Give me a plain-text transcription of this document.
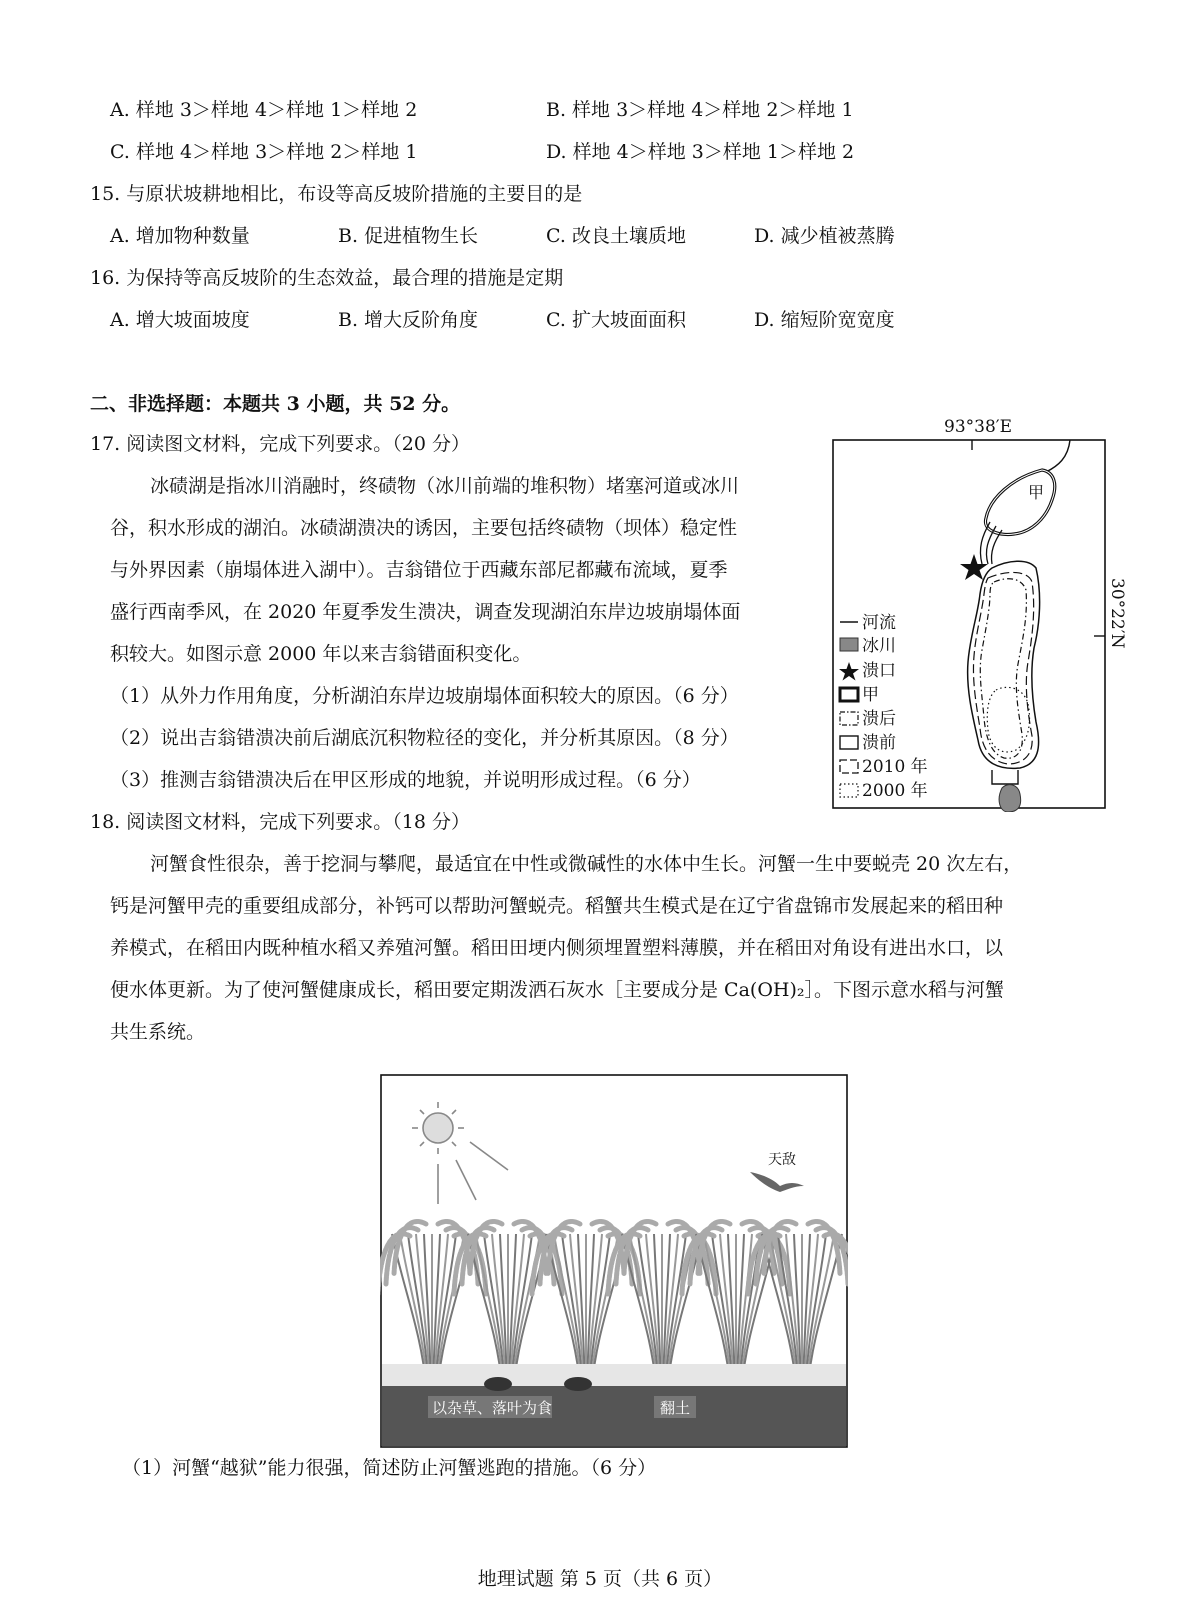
A. 样地 3＞样地 4＞样地 1＞样地 2	B. 样地 3＞样地 4＞样地 2＞样地 1
C. 样地 4＞样地 3＞样地 2＞样地 1	D. 样地 4＞样地 3＞样地 1＞样地 2
15. 与原状坡耕地相比，布设等高反坡阶措施的主要目的是
A. 增加物种数量	B. 促进植物生长	C. 改良土壤质地	D. 减少植被蒸腾
16. 为保持等高反坡阶的生态效益，最合理的措施是定期
A. 增大坡面坡度	B. 增大反阶角度	C. 扩大坡面面积	D. 缩短阶宽宽度
二、非选择题：本题共 3 小题，共 52 分。
17. 阅读图文材料，完成下列要求。（20 分）
冰碛湖是指冰川消融时，终碛物（冰川前端的堆积物）堵塞河道或冰川
谷，积水形成的湖泊。冰碛湖溃决的诱因，主要包括终碛物（坝体）稳定性
与外界因素（崩塌体进入湖中）。吉翁错位于西藏东部尼都藏布流域，夏季
盛行西南季风，在 2020 年夏季发生溃决，调查发现湖泊东岸边坡崩塌体面
积较大。如图示意 2000 年以来吉翁错面积变化。
（1）从外力作用角度，分析湖泊东岸边坡崩塌体面积较大的原因。（6 分）
（2）说出吉翁错溃决前后湖底沉积物粒径的变化，并分析其原因。（8 分）
（3）推测吉翁错溃决后在甲区形成的地貌，并说明形成过程。（6 分）
93°38′E
30°22′N
甲
河流
冰川
溃口
甲
溃后
溃前
2010 年
2000 年
18. 阅读图文材料，完成下列要求。（18 分）
河蟹食性很杂，善于挖洞与攀爬，最适宜在中性或微碱性的水体中生长。河蟹一生中要蜕壳 20 次左右，
钙是河蟹甲壳的重要组成部分，补钙可以帮助河蟹蜕壳。稻蟹共生模式是在辽宁省盘锦市发展起来的稻田种
养模式，在稻田内既种植水稻又养殖河蟹。稻田田埂内侧须埋置塑料薄膜，并在稻田对角设有进出水口，以
便水体更新。为了使河蟹健康成长，稻田要定期泼洒石灰水［主要成分是 Ca(OH)₂］。下图示意水稻与河蟹
共生系统。
天敌
以杂草、落叶为食	翻土
（1）河蟹“越狱”能力很强，简述防止河蟹逃跑的措施。（6 分）
地理试题 第 5 页（共 6 页）
